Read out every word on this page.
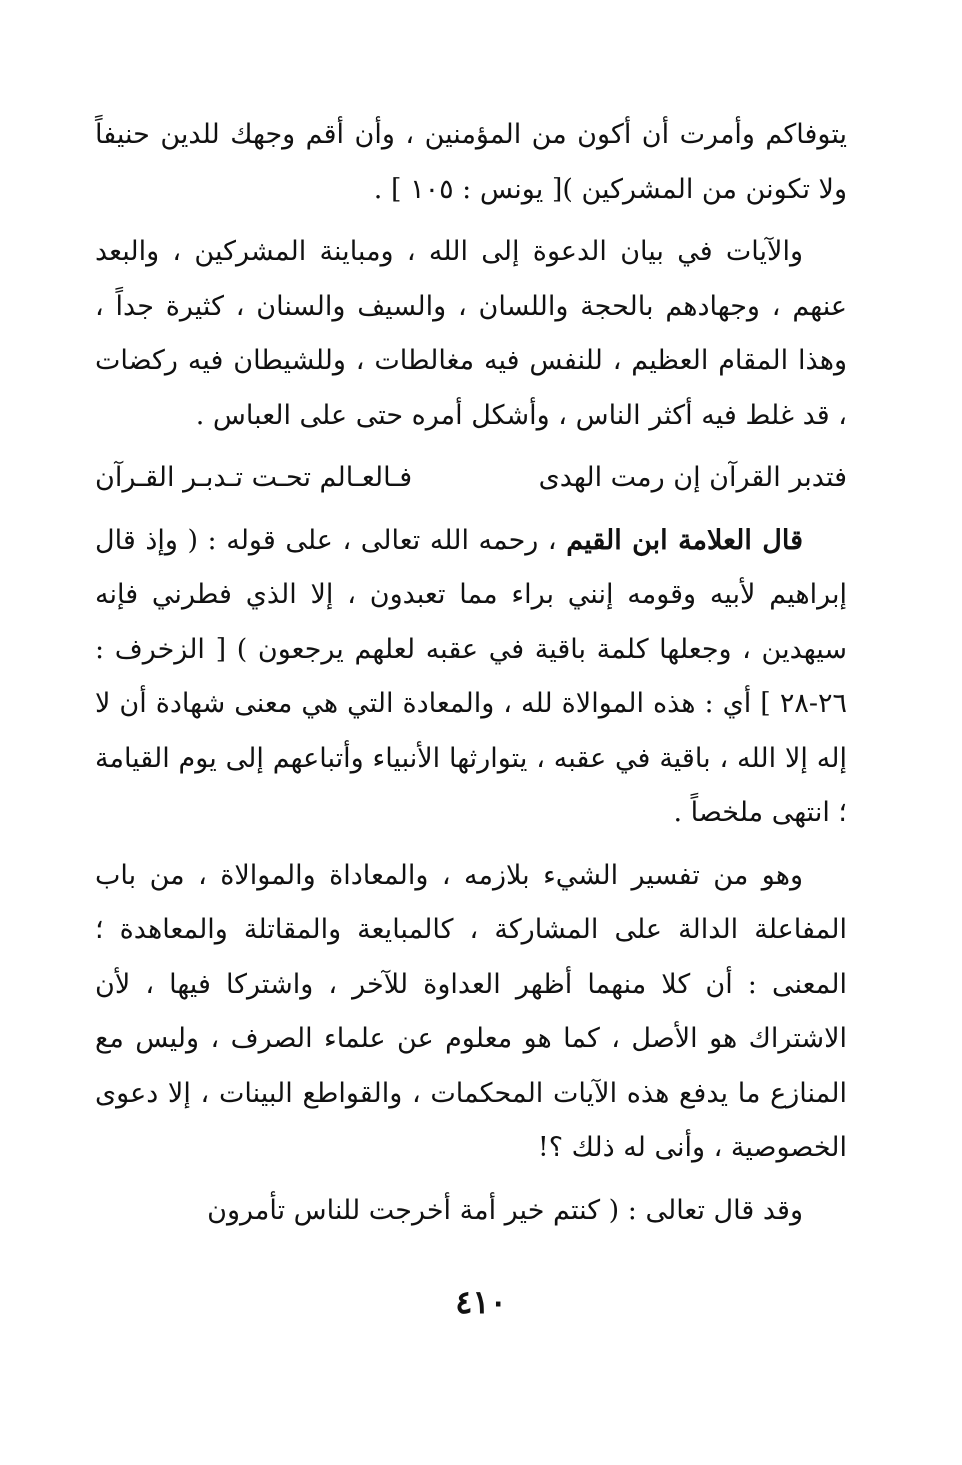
يتوفاكم وأمرت أن أكون من المؤمنين ، وأن أقم وجهك للدين حنيفاً ولا تكونن من المشركين )[ يونس : ١٠٥ ] .

والآيات في بيان الدعوة إلى الله ، ومباينة المشركين ، والبعد عنهم ، وجهادهم بالحجة واللسان ، والسيف والسنان ، كثيرة جداً ، وهذا المقام العظيم ، للنفس فيه مغالطات ، وللشيطان فيه ركضات ، قد غلط فيه أكثر الناس ، وأشكل أمره حتى على العباس .

فتدبر القرآن إن رمت الهدى
فـالعـالم تحـت تـدبـر القـرآن

قال العلامة ابن القيم ، رحمه الله تعالى ، على قوله : ( وإذ قال إبراهيم لأبيه وقومه إنني براء مما تعبدون ، إلا الذي فطرني فإنه سيهدين ، وجعلها كلمة باقية في عقبه لعلهم يرجعون ) [ الزخرف : ٢٦-٢٨ ] أي : هذه الموالاة لله ، والمعادة التي هي معنى شهادة أن لا إله إلا الله ، باقية في عقبه ، يتوارثها الأنبياء وأتباعهم إلى يوم القيامة ؛ انتهى ملخصاً .

وهو من تفسير الشيء بلازمه ، والمعاداة والموالاة ، من باب المفاعلة الدالة على المشاركة ، كالمبايعة والمقاتلة والمعاهدة ؛ المعنى : أن كلا منهما أظهر العداوة للآخر ، واشتركا فيها ، لأن الاشتراك هو الأصل ، كما هو معلوم عن علماء الصرف ، وليس مع المنازع ما يدفع هذه الآيات المحكمات ، والقواطع البينات ، إلا دعوى الخصوصية ، وأنى له ذلك ؟!

وقد قال تعالى : ( كنتم خير أمة أخرجت للناس تأمرون

٤١٠
